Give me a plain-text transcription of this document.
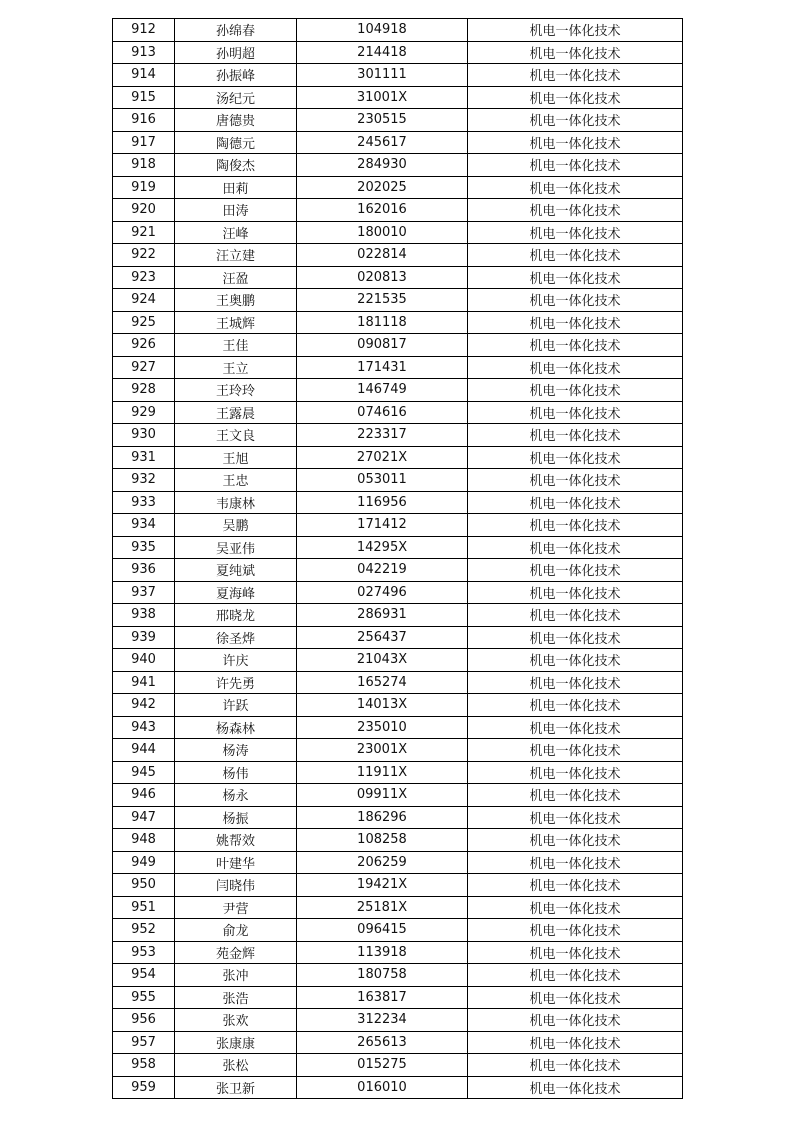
912	孙绵春	104918	机电一体化技术
913	孙明超	214418	机电一体化技术
914	孙振峰	301111	机电一体化技术
915	汤纪元	31001X	机电一体化技术
916	唐德贵	230515	机电一体化技术
917	陶德元	245617	机电一体化技术
918	陶俊杰	284930	机电一体化技术
919	田莉	202025	机电一体化技术
920	田涛	162016	机电一体化技术
921	汪峰	180010	机电一体化技术
922	汪立建	022814	机电一体化技术
923	汪盈	020813	机电一体化技术
924	王奥鹏	221535	机电一体化技术
925	王城辉	181118	机电一体化技术
926	王佳	090817	机电一体化技术
927	王立	171431	机电一体化技术
928	王玲玲	146749	机电一体化技术
929	王露晨	074616	机电一体化技术
930	王文良	223317	机电一体化技术
931	王旭	27021X	机电一体化技术
932	王忠	053011	机电一体化技术
933	韦康林	116956	机电一体化技术
934	吴鹏	171412	机电一体化技术
935	吴亚伟	14295X	机电一体化技术
936	夏纯斌	042219	机电一体化技术
937	夏海峰	027496	机电一体化技术
938	邢晓龙	286931	机电一体化技术
939	徐圣烨	256437	机电一体化技术
940	许庆	21043X	机电一体化技术
941	许先勇	165274	机电一体化技术
942	许跃	14013X	机电一体化技术
943	杨森林	235010	机电一体化技术
944	杨涛	23001X	机电一体化技术
945	杨伟	11911X	机电一体化技术
946	杨永	09911X	机电一体化技术
947	杨振	186296	机电一体化技术
948	姚帮效	108258	机电一体化技术
949	叶建华	206259	机电一体化技术
950	闫晓伟	19421X	机电一体化技术
951	尹营	25181X	机电一体化技术
952	俞龙	096415	机电一体化技术
953	苑金辉	113918	机电一体化技术
954	张冲	180758	机电一体化技术
955	张浩	163817	机电一体化技术
956	张欢	312234	机电一体化技术
957	张康康	265613	机电一体化技术
958	张松	015275	机电一体化技术
959	张卫新	016010	机电一体化技术
